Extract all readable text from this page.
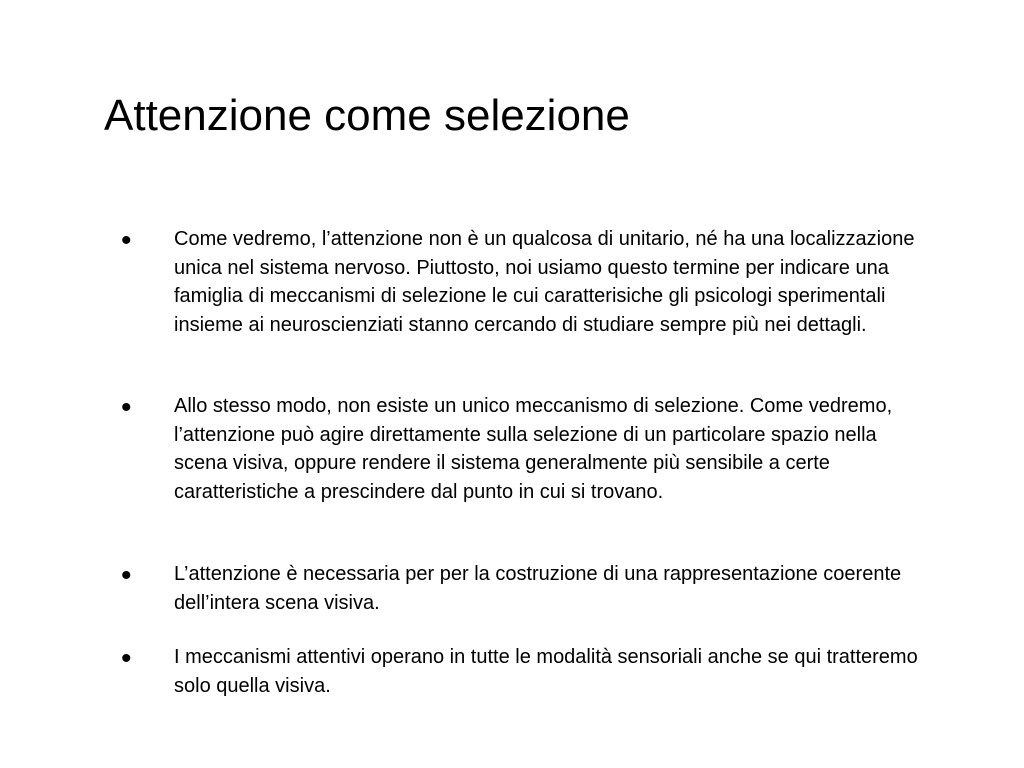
Attenzione come selezione
• Come vedremo, l’attenzione non è un qualcosa di unitario, né ha una localizzazione unica nel sistema nervoso. Piuttosto, noi usiamo questo termine per indicare una famiglia di meccanismi di selezione le cui caratterisiche gli psicologi sperimentali insieme ai neuroscienziati stanno cercando di studiare sempre più nei dettagli.
• Allo stesso modo, non esiste un unico meccanismo di selezione. Come vedremo, l’attenzione può agire direttamente sulla selezione di un particolare spazio nella scena visiva, oppure rendere il sistema generalmente più sensibile a certe caratteristiche a prescindere dal punto in cui si trovano.
• L’attenzione è necessaria per per la costruzione di una rappresentazione coerente dell’intera scena visiva.
• I meccanismi attentivi operano in tutte le modalità sensoriali anche se qui tratteremo solo quella visiva.
